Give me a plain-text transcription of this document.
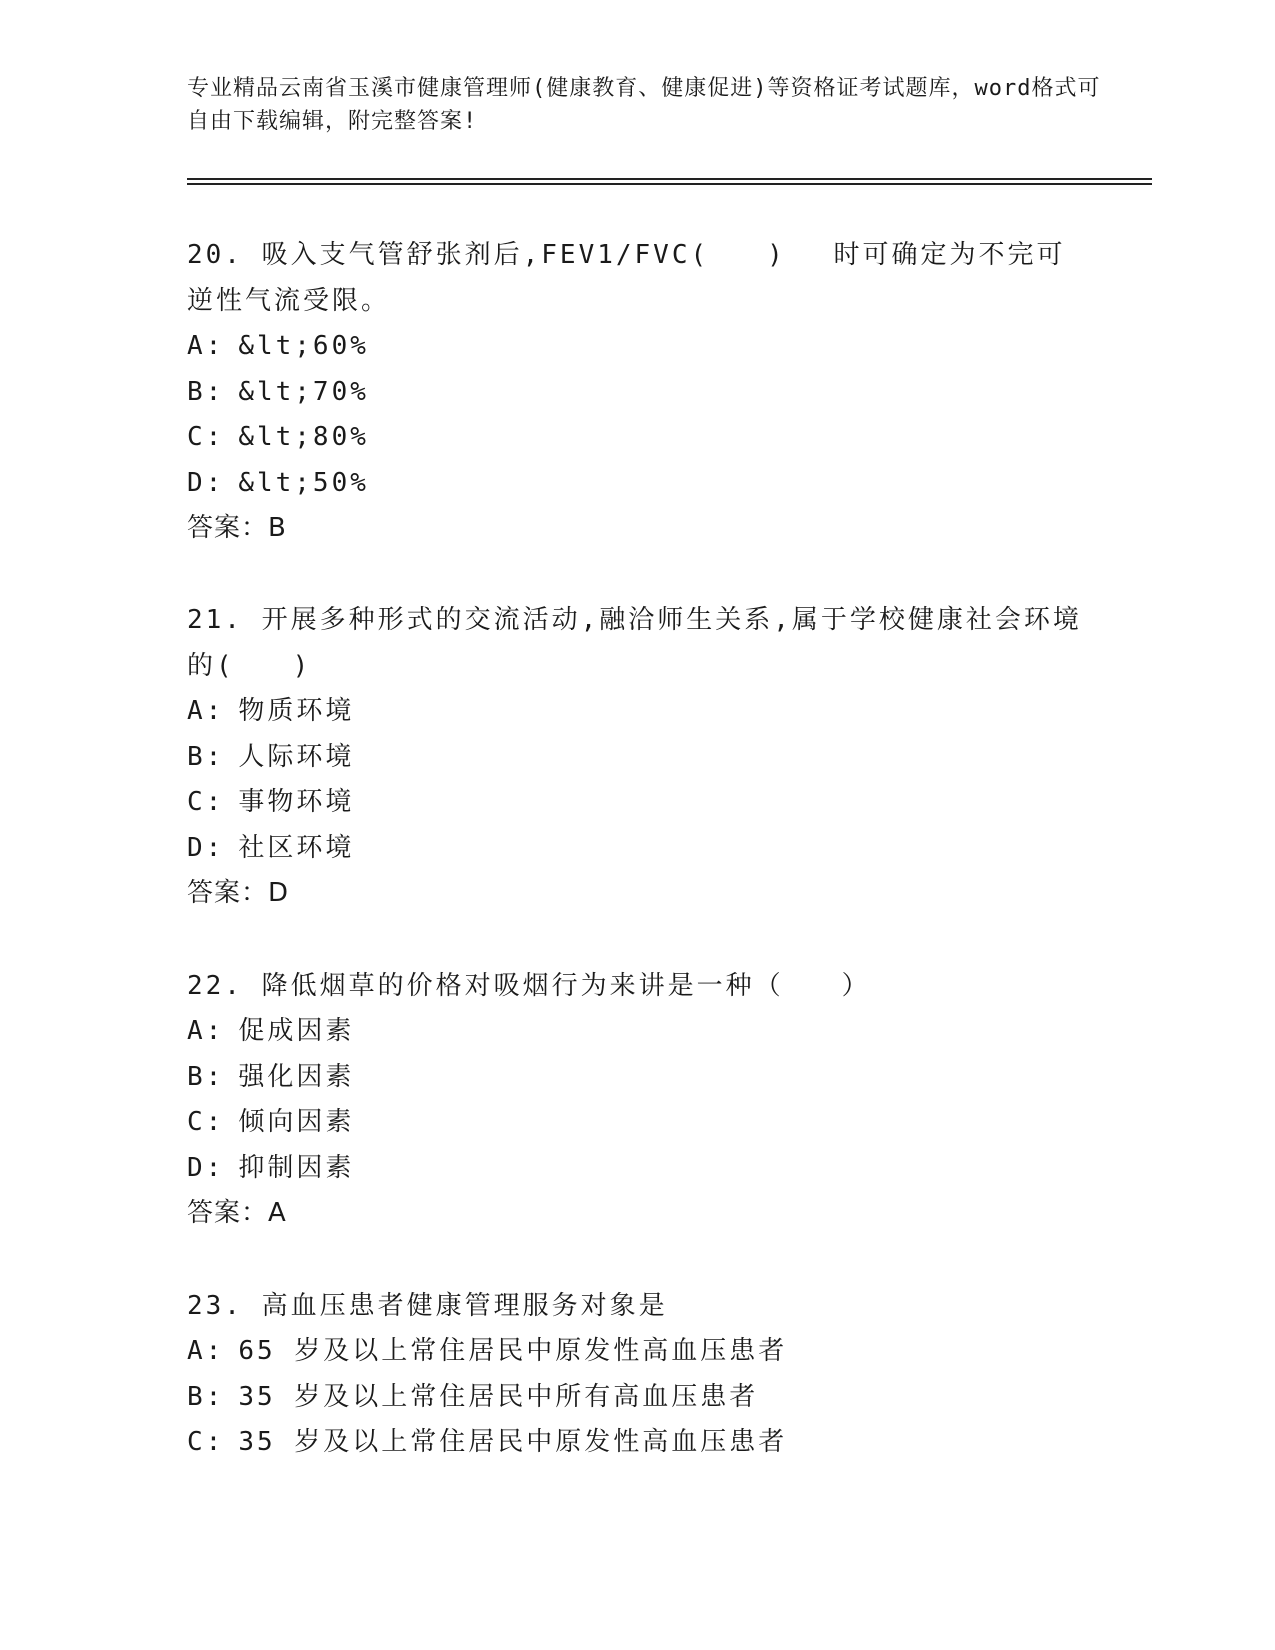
专业精品云南省玉溪市健康管理师(健康教育、健康促进)等资格证考试题库，word格式可自由下载编辑，附完整答案!

20. 吸入支气管舒张剂后,FEV1/FVC(　　)　 时可确定为不完可逆性气流受限。

A: &lt;60%

B: &lt;70%

C: &lt;80%

D: &lt;50%

答案：B

21. 开展多种形式的交流活动,融洽师生关系,属于学校健康社会环境的(　　)

A: 物质环境

B: 人际环境

C: 事物环境

D: 社区环境

答案：D

22. 降低烟草的价格对吸烟行为来讲是一种（　　）

A: 促成因素

B: 强化因素

C: 倾向因素

D: 抑制因素

答案：A

23. 高血压患者健康管理服务对象是

A: 65 岁及以上常住居民中原发性高血压患者

B: 35 岁及以上常住居民中所有高血压患者

C: 35 岁及以上常住居民中原发性高血压患者
